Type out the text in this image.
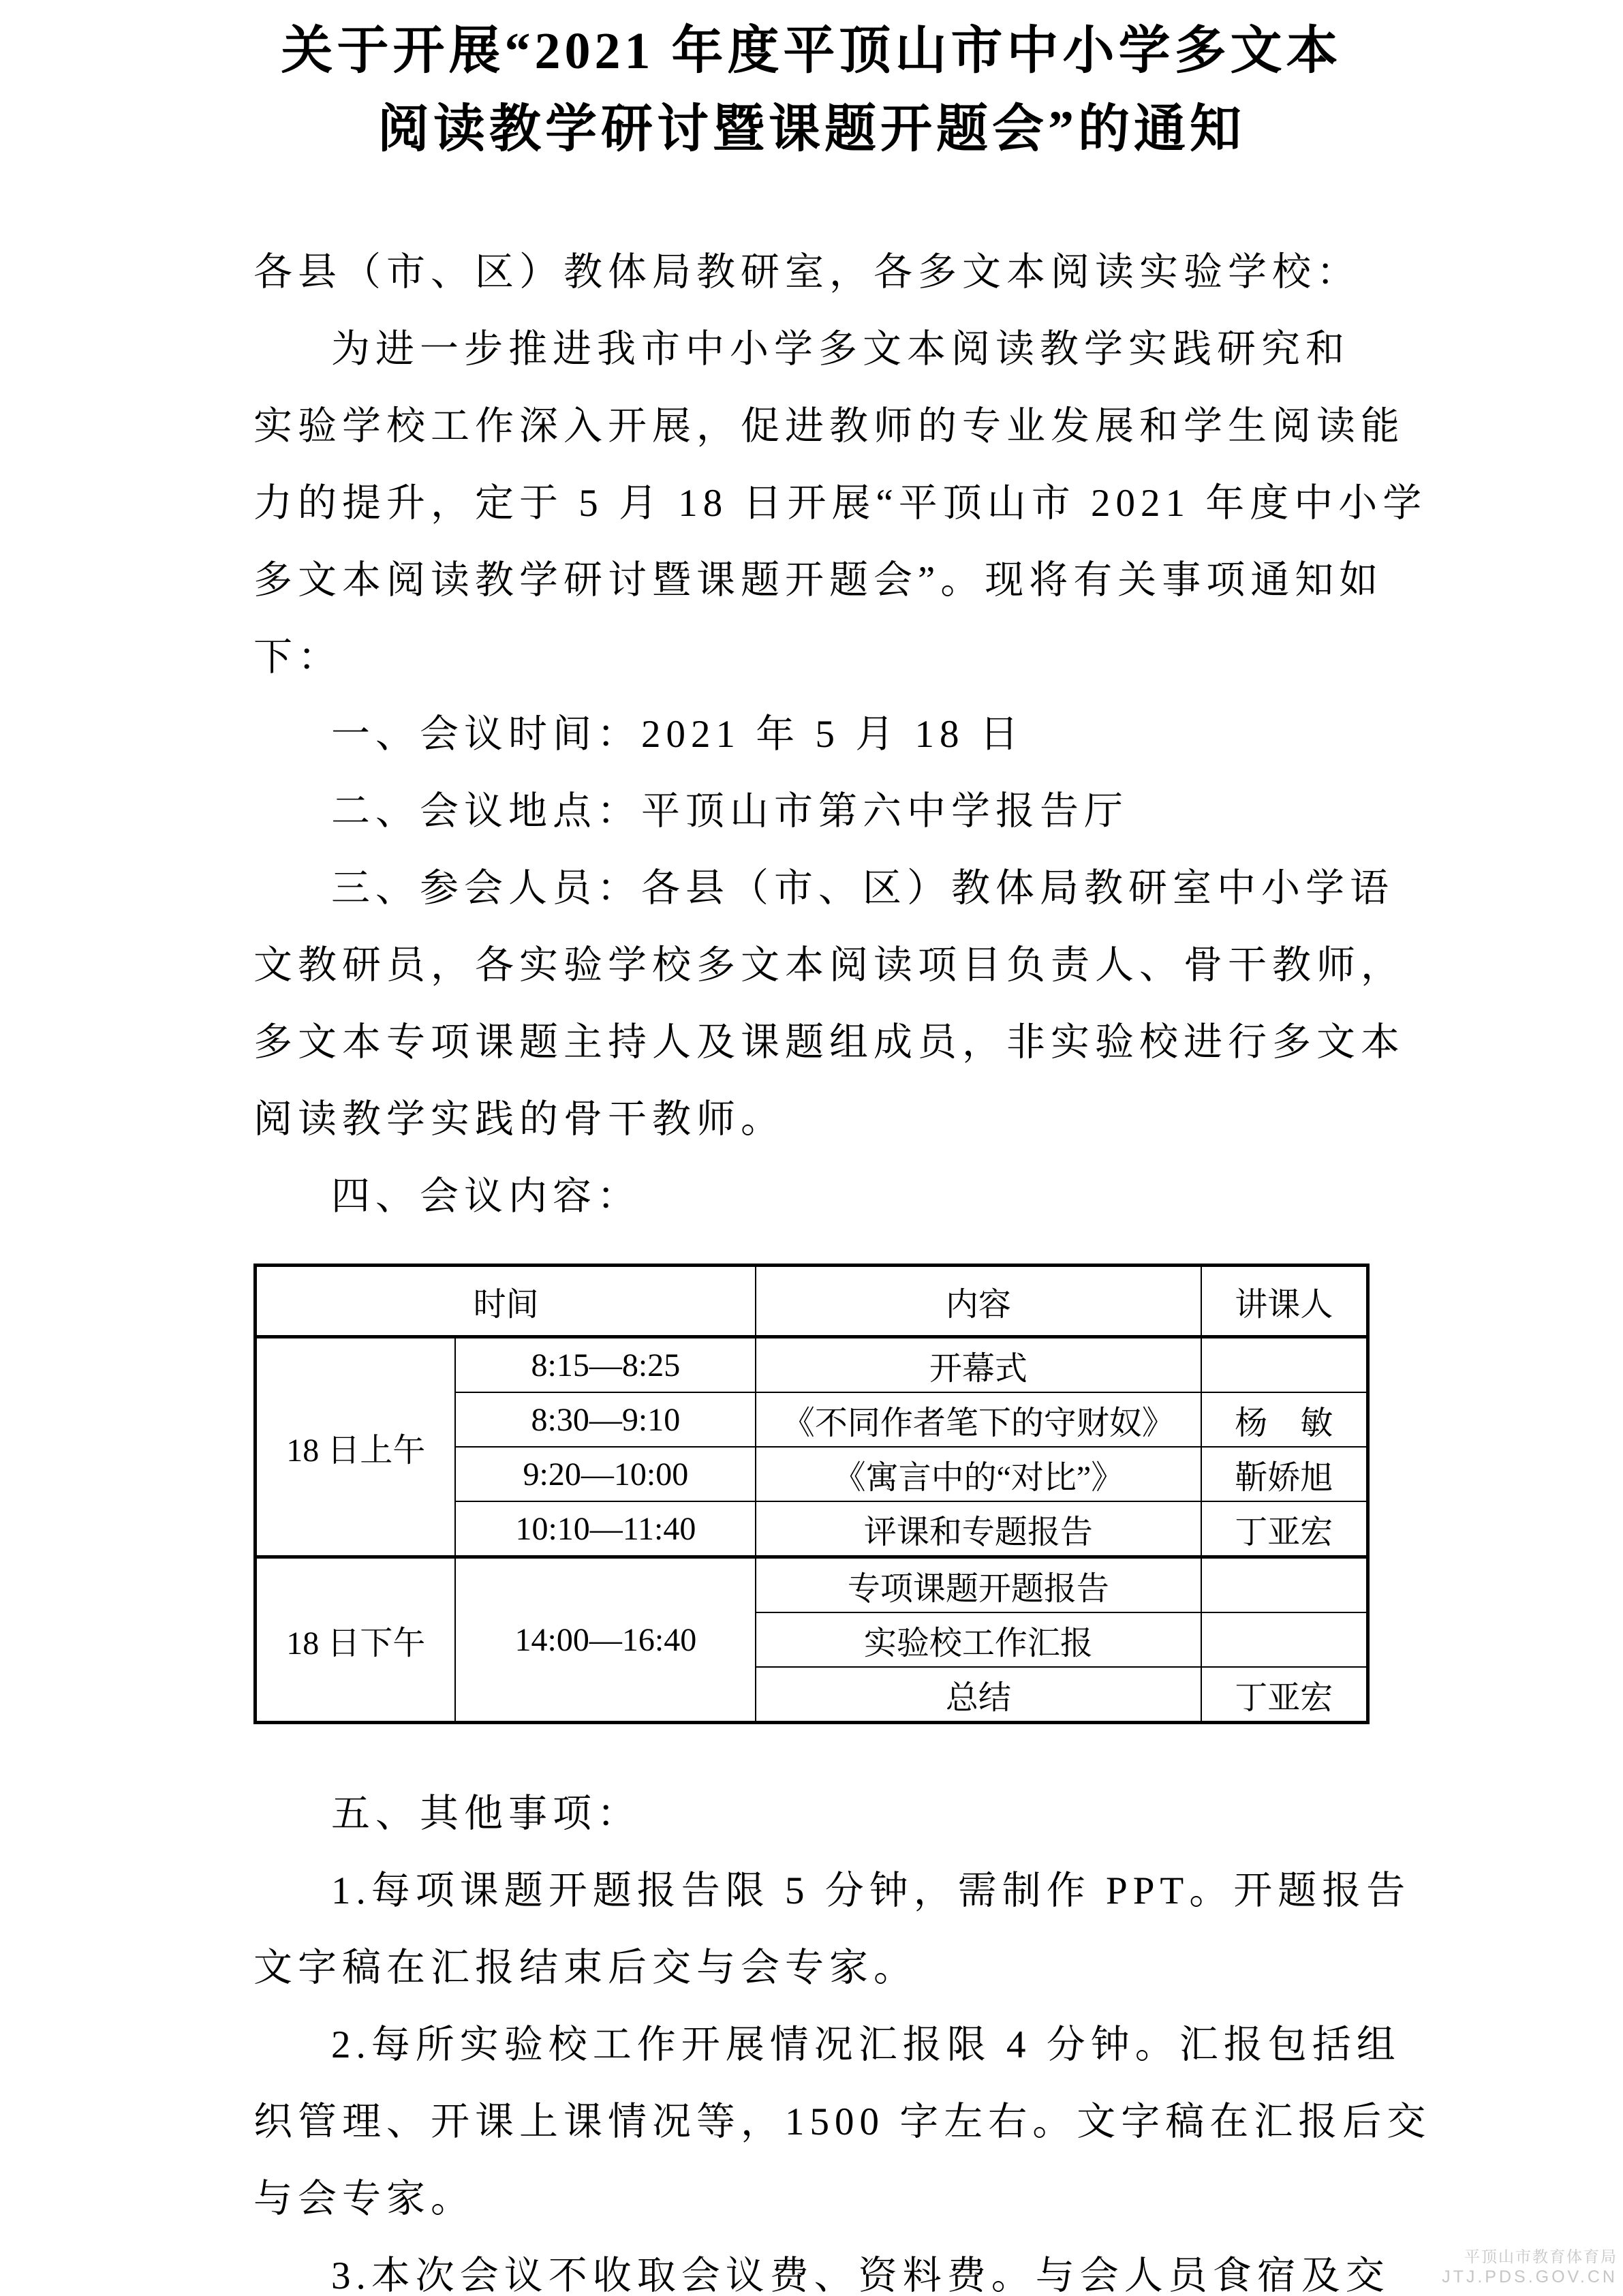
关于开展“2021 年度平顶山市中小学多文本
阅读教学研讨暨课题开题会”的通知
各县（市、区）教体局教研室，各多文本阅读实验学校：
为进一步推进我市中小学多文本阅读教学实践研究和
实验学校工作深入开展，促进教师的专业发展和学生阅读能
力的提升，定于 5 月 18 日开展“平顶山市 2021 年度中小学
多文本阅读教学研讨暨课题开题会”。现将有关事项通知如
下：
一、会议时间：2021 年 5 月 18 日
二、会议地点：平顶山市第六中学报告厅
三、参会人员：各县（市、区）教体局教研室中小学语
文教研员，各实验学校多文本阅读项目负责人、骨干教师，
多文本专项课题主持人及课题组成员，非实验校进行多文本
阅读教学实践的骨干教师。
四、会议内容：
时间		内容	讲课人
18 日上午	8:15—8:25	开幕式	
	8:30—9:10	《不同作者笔下的守财奴》	杨　敏
	9:20—10:00	《寓言中的“对比”》	靳娇旭
	10:10—11:40	评课和专题报告	丁亚宏
18 日下午	14:00—16:40	专项课题开题报告	
		实验校工作汇报	
		总结	丁亚宏
五、其他事项：
1.每项课题开题报告限 5 分钟，需制作 PPT。开题报告
文字稿在汇报结束后交与会专家。
2.每所实验校工作开展情况汇报限 4 分钟。汇报包括组
织管理、开课上课情况等，1500 字左右。文字稿在汇报后交
与会专家。
3.本次会议不收取会议费、资料费。与会人员食宿及交	平顶山市教育体育局
JTJ.PDS.GOV.CN
